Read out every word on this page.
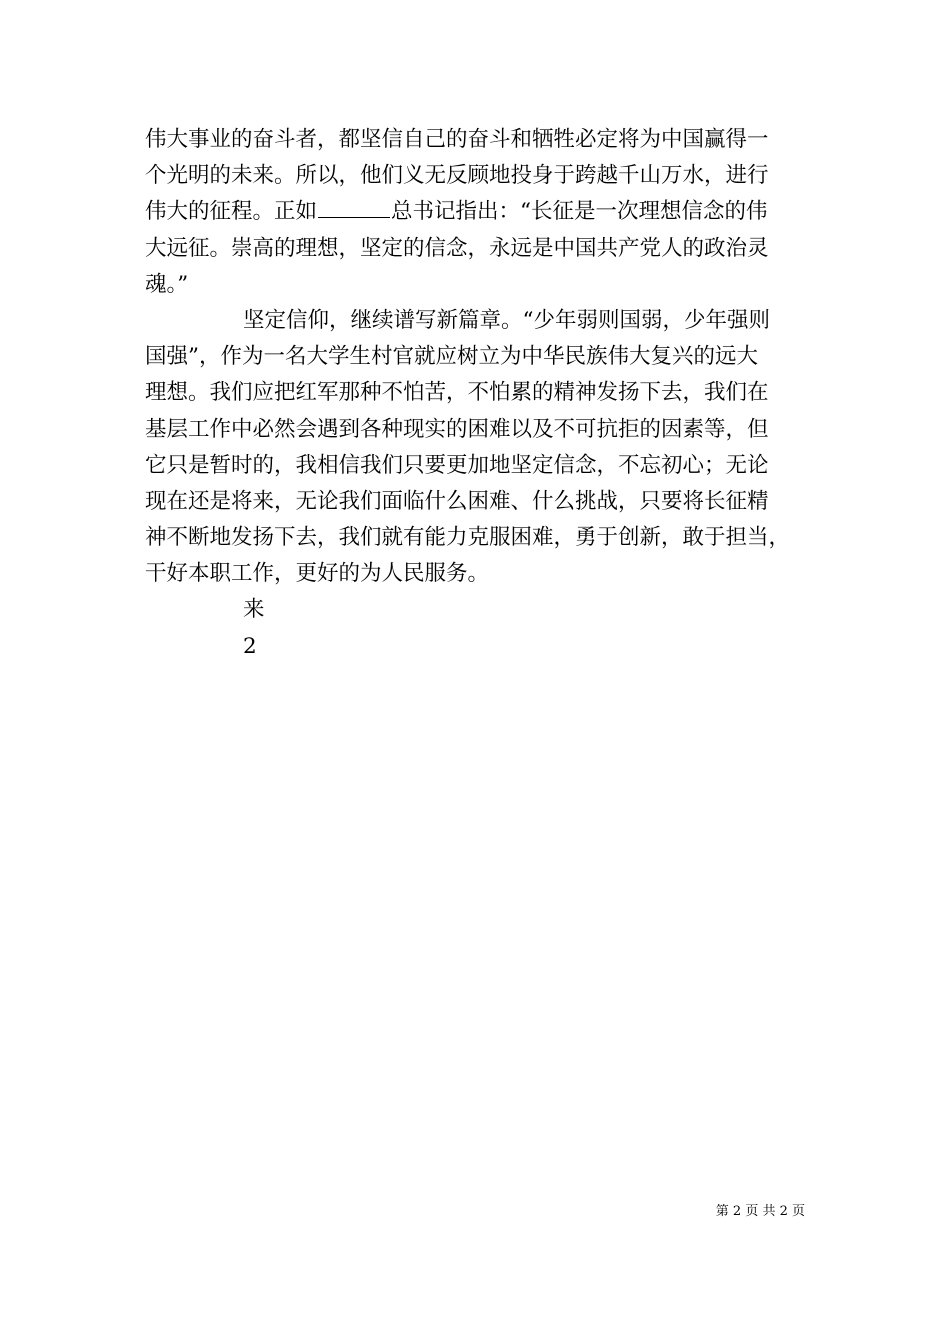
伟大事业的奋斗者，都坚信自己的奋斗和牺牲必定将为中国赢得一
个光明的未来。所以，他们义无反顾地投身于跨越千山万水，进行
伟大的征程。正如	总书记指出：“长征是一次理想信念的伟
大远征。崇高的理想，坚定的信念，永远是中国共产党人的政治灵
魂。”
坚定信仰，继续谱写新篇章。“少年弱则国弱，少年强则
国强”，作为一名大学生村官就应树立为中华民族伟大复兴的远大
理想。我们应把红军那种不怕苦，不怕累的精神发扬下去，我们在
基层工作中必然会遇到各种现实的困难以及不可抗拒的因素等，但
它只是暂时的，我相信我们只要更加地坚定信念，不忘初心；无论
现在还是将来，无论我们面临什么困难、什么挑战，只要将长征精
神不断地发扬下去，我们就有能力克服困难，勇于创新，敢于担当，
干好本职工作，更好的为人民服务。
来
2
第 2 页 共 2 页
